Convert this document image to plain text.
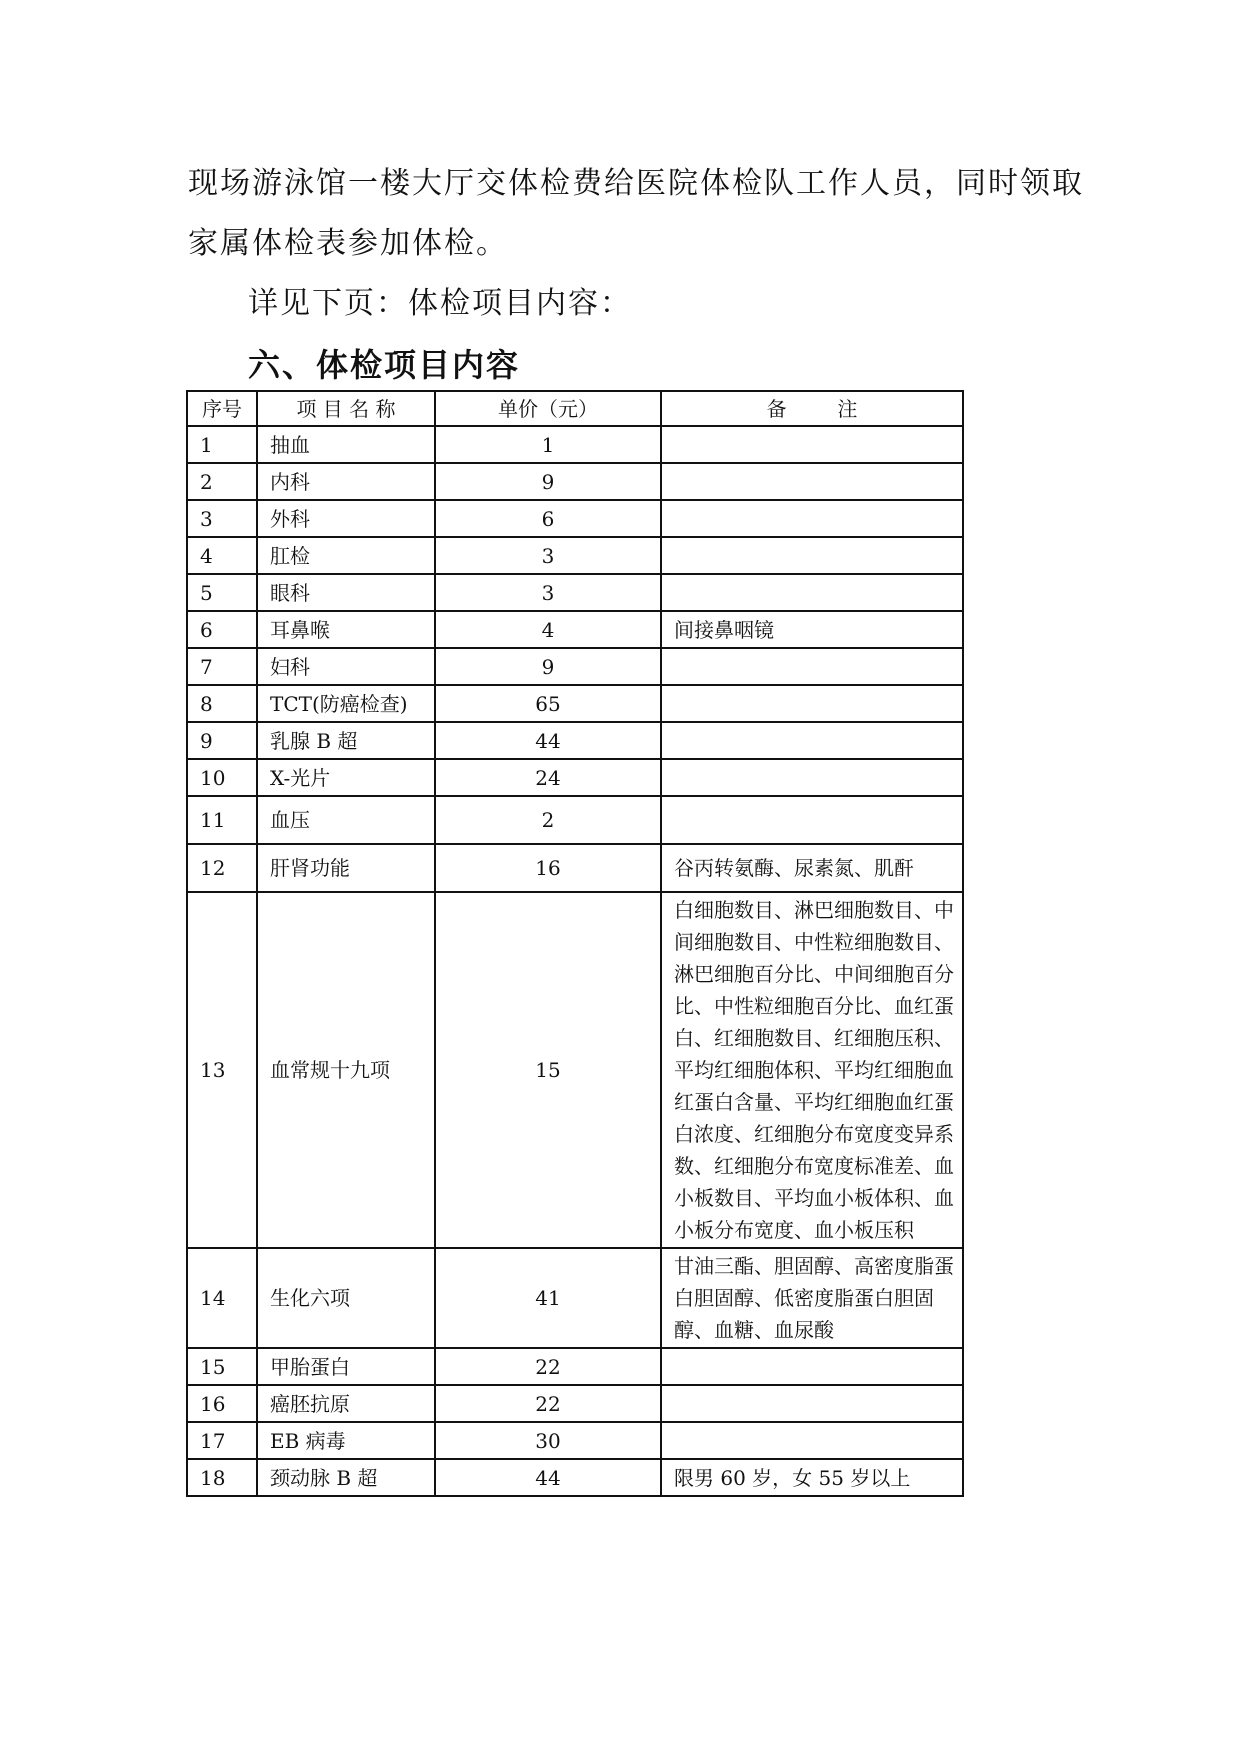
现场游泳馆一楼大厅交体检费给医院体检队工作人员，同时领取

家属体检表参加体检。

详见下页：体检项目内容：

六、体检项目内容
序号	项 目 名 称	单价（元）	备        注
1	抽血	1	
2	内科	9	
3	外科	6	
4	肛检	3	
5	眼科	3	
6	耳鼻喉	4	间接鼻咽镜
7	妇科	9	
8	TCT(防癌检查)	65	
9	乳腺 B 超	44	
10	X-光片	24	
11	血压	2	
12	肝肾功能	16	谷丙转氨酶、尿素氮、肌酐
13	血常规十九项	15	白细胞数目、淋巴细胞数目、中间细胞数目、中性粒细胞数目、淋巴细胞百分比、中间细胞百分比、中性粒细胞百分比、血红蛋白、红细胞数目、红细胞压积、平均红细胞体积、平均红细胞血红蛋白含量、平均红细胞血红蛋白浓度、红细胞分布宽度变异系数、红细胞分布宽度标准差、血小板数目、平均血小板体积、血小板分布宽度、血小板压积
14	生化六项	41	甘油三酯、胆固醇、高密度脂蛋白胆固醇、低密度脂蛋白胆固醇、血糖、血尿酸
15	甲胎蛋白	22	
16	癌胚抗原	22	
17	EB 病毒	30	
18	颈动脉 B 超	44	限男 60 岁，女 55 岁以上
